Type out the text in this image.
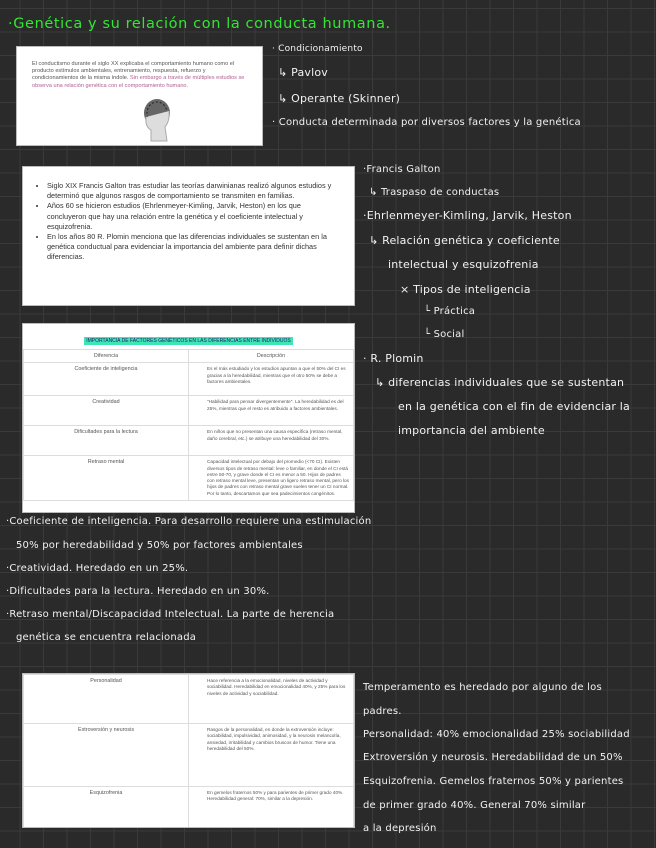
·Genética y su relación con la conducta humana.

El conductismo durante el siglo XX explicaba el comportamiento humano como el producto estímulos ambientales, entrenamiento, respuesta, refuerzo y condicionamientos de la misma índole. Sin embargo a través de múltiples estudios se observa una relación genética con el comportamiento humano.

· Condicionamiento
↳ Pavlov
↳ Operante (Skinner)
· Conducta determinada por diversos factores y la genética
• Siglo XIX Francis Galton tras estudiar las teorías darwinianas realizó algunos estudios y determinó que algunos rasgos de comportamiento se transmiten en familias.
• Años 60 se hicieron estudios (Ehrlenmeyer-Kimling, Jarvik, Heston) en los que concluyeron que hay una relación entre la genética y el coeficiente intelectual y esquizofrenia.
• En los años 80 R. Plomin menciona que las diferencias individuales se sustentan en la genética conductual para evidenciar la importancia del ambiente para definir dichas diferencias.
·Francis Galton
↳ Traspaso de conductas
·Ehrlenmeyer-Kimling, Jarvik, Heston
↳ Relación genética y coeficiente
intelectual y esquizofrenia
× Tipos de inteligencia
└ Práctica
└ Social
· R. Plomin
↳ diferencias individuales que se sustentan
en la genética con el fin de evidenciar la
importancia del ambiente
IMPORTANCIA DE FACTORES GENÉTICOS EN LAS DIFERENCIAS ENTRE INDIVIDUOS
Diferencia	Descripción
Coeficiente de inteligencia	Es el más estudiado y los estudios apuntan a que el 50% del CI es gracias a la heredabilidad, mientras que el otro 50% se debe a factores ambientales.
Creatividad	"Habilidad para pensar divergentemente". La heredabilidad es del 25%, mientras que el resto es atribuido a factores ambientales.
Dificultades para la lectura	En niños que no presentan una causa específica (retraso mental, daño cerebral, etc.) se atribuye una heredabilidad del 30%.
Retraso mental	Capacidad intelectual por debajo del promedio (<70 CI). Existen diversos tipos de retraso mental: leve o familiar, en donde el CI está entre 50-70, y grave donde el CI es menor a 50. Hijos de padres con retraso mental leve, presentan un ligero retraso mental, pero los hijos de padres con retraso mental grave suelen tener un CI normal. Por lo tanto, descartamos que sea padecimientos congénitos.
·Coeficiente de inteligencia. Para desarrollo requiere una estimulación
50% por heredabilidad y 50% por factores ambientales
·Creatividad. Heredado en un 25%.
·Dificultades para la lectura. Heredado en un 30%.
·Retraso mental/Discapacidad Intelectual. La parte de herencia
genética se encuentra relacionada
Personalidad	Hace referencia a la emocionalidad, niveles de actividad y sociabilidad. Heredabilidad en emocionalidad 40%, y 25% para los niveles de actividad y sociabilidad.
Extroversión y neurosis	Rasgos de la personalidad, en donde la extroversión incluye: sociabilidad, impulsividad, animosidad, y la neurosis melancolía, ansiedad, irritabilidad y cambios bruscos de humor. Tiene una heredabilidad del 50%.
Esquizofrenia	En gemelos fraternos 50% y para parientes de primer grado 40%. Heredabilidad general: 70%, similar a la depresión.
Temperamento es heredado por alguno de los
padres.
Personalidad: 40% emocionalidad 25% sociabilidad
Extroversión y neurosis. Heredabilidad de un 50%
Esquizofrenia. Gemelos fraternos 50% y parientes
de primer grado 40%. General 70% similar
a la depresión
